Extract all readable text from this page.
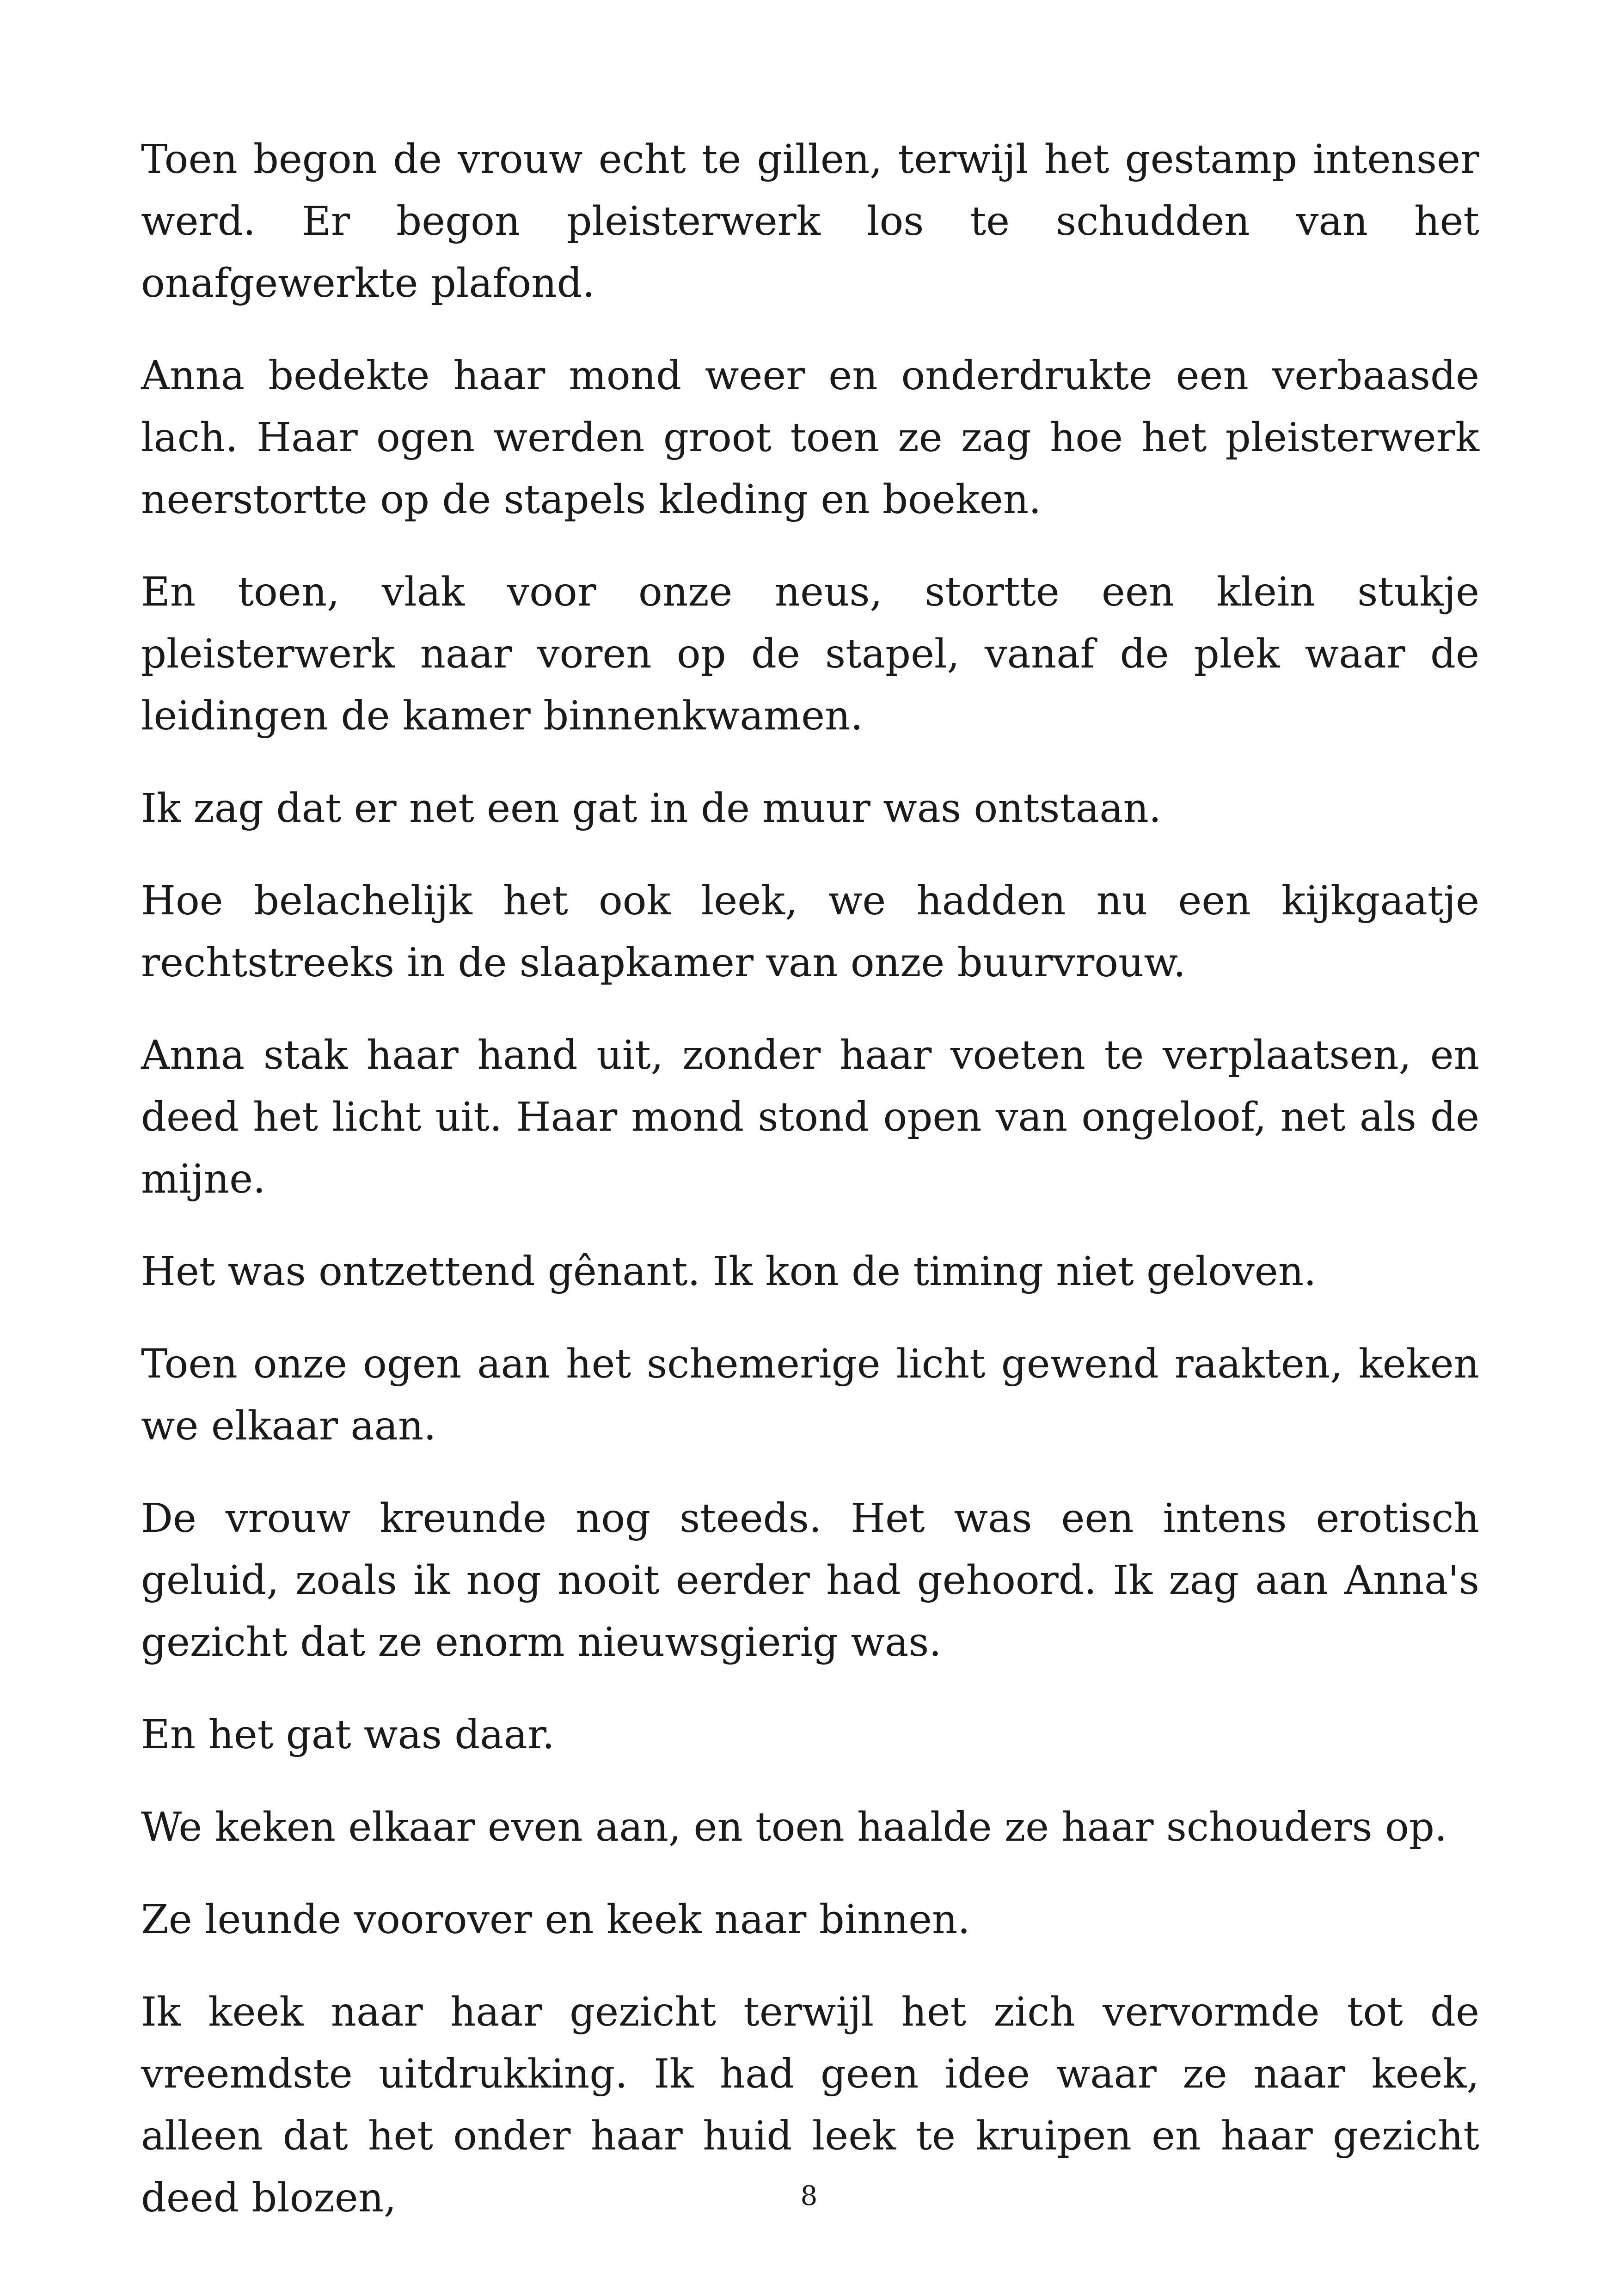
Toen begon de vrouw echt te gillen, terwijl het gestamp intenser werd. Er begon pleisterwerk los te schudden van het onafgewerkte plafond.

Anna bedekte haar mond weer en onderdrukte een verbaasde lach. Haar ogen werden groot toen ze zag hoe het pleisterwerk neerstortte op de stapels kleding en boeken.

En toen, vlak voor onze neus, stortte een klein stukje pleisterwerk naar voren op de stapel, vanaf de plek waar de leidingen de kamer binnenkwamen.

Ik zag dat er net een gat in de muur was ontstaan.

Hoe belachelijk het ook leek, we hadden nu een kijkgaatje rechtstreeks in de slaapkamer van onze buurvrouw.

Anna stak haar hand uit, zonder haar voeten te verplaatsen, en deed het licht uit. Haar mond stond open van ongeloof, net als de mijne.

Het was ontzettend gênant. Ik kon de timing niet geloven.

Toen onze ogen aan het schemerige licht gewend raakten, keken we elkaar aan.

De vrouw kreunde nog steeds. Het was een intens erotisch geluid, zoals ik nog nooit eerder had gehoord. Ik zag aan Anna's gezicht dat ze enorm nieuwsgierig was.

En het gat was daar.

We keken elkaar even aan, en toen haalde ze haar schouders op.

Ze leunde voorover en keek naar binnen.

Ik keek naar haar gezicht terwijl het zich vervormde tot de vreemdste uitdrukking. Ik had geen idee waar ze naar keek, alleen dat het onder haar huid leek te kruipen en haar gezicht deed blozen,	8
